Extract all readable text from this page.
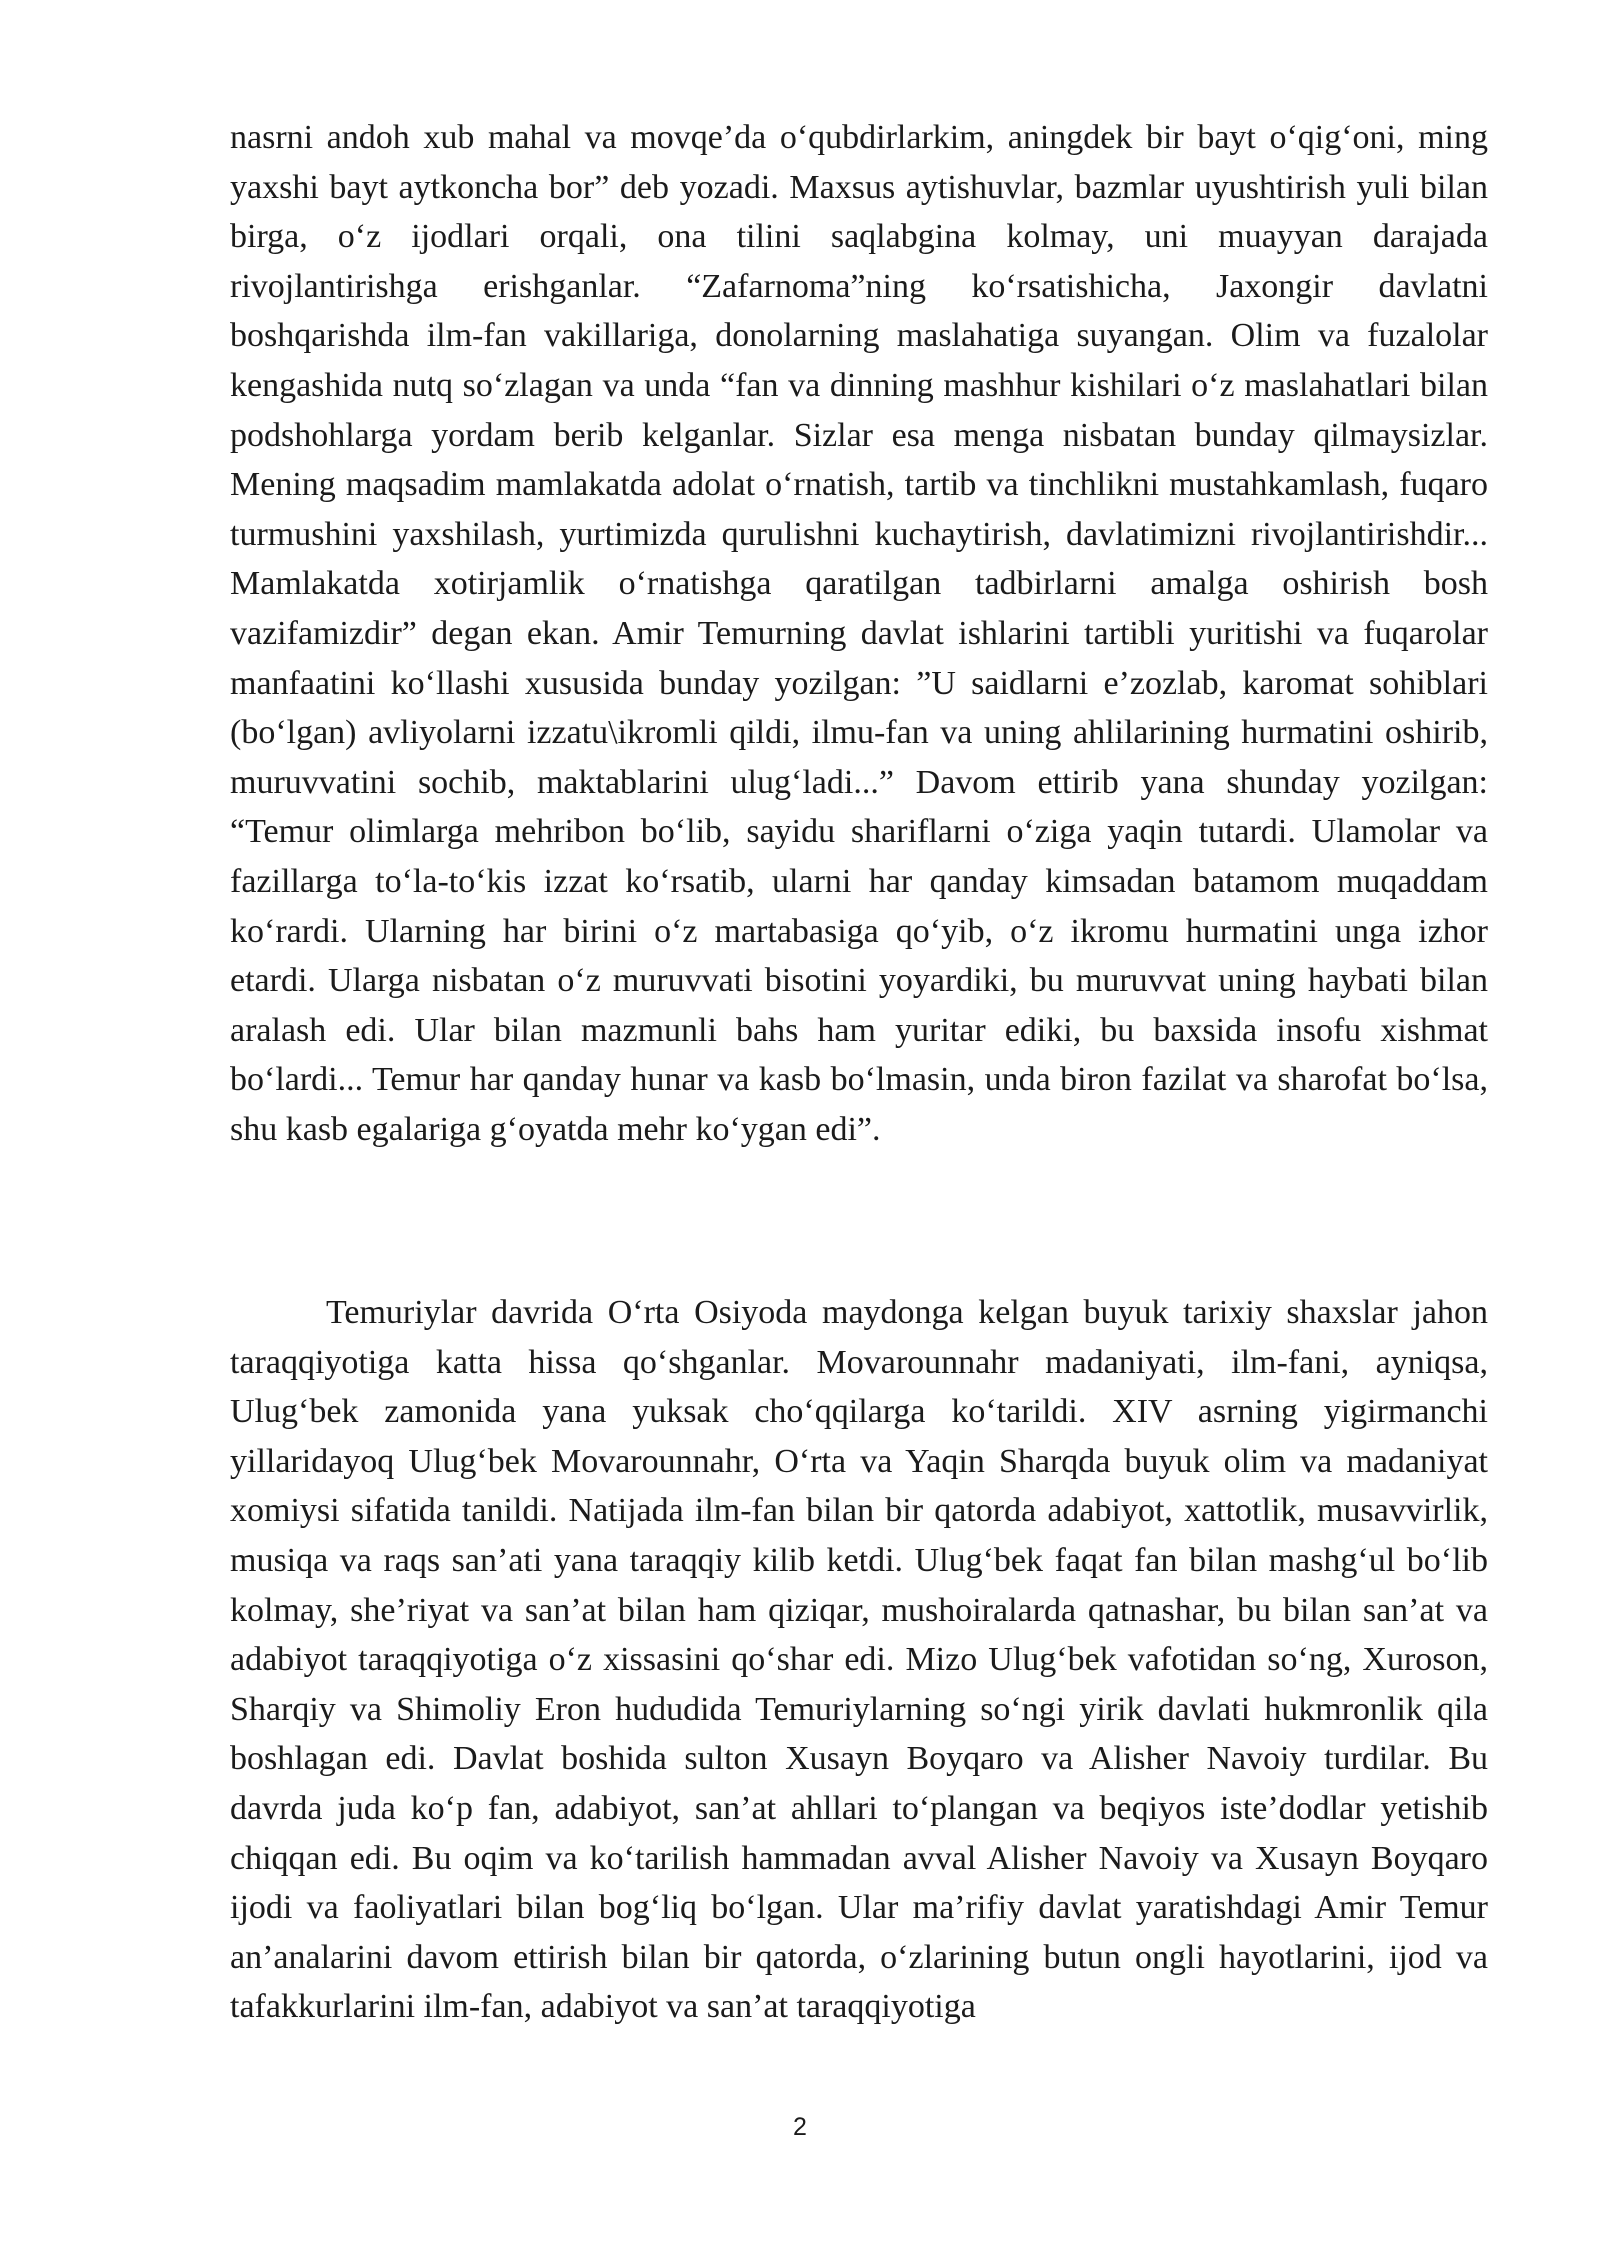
nasrni andoh xub mahal va movqe’da o‘qubdirlarkim, aningdek bir bayt o‘qig‘oni, ming yaxshi bayt aytkoncha bor” deb yozadi. Maxsus aytishuvlar, bazmlar uyushtirish yuli bilan birga, o‘z ijodlari orqali, ona tilini saqlabgina kolmay, uni muayyan darajada rivojlantirishga erishganlar. “Zafarnoma”ning ko‘rsatishicha, Jaxongir davlatni boshqarishda ilm-fan vakillariga, donolarning maslahatiga suyangan. Olim va fuzalolar kengashida nutq so‘zlagan va unda “fan va dinning mashhur kishilari o‘z maslahatlari bilan podshohlarga yordam berib kelganlar. Sizlar esa menga nisbatan bunday qilmaysizlar. Mening maqsadim mamlakatda adolat o‘rnatish, tartib va tinchlikni mustahkamlash, fuqaro turmushini yaxshilash, yurtimizda qurulishni kuchaytirish, davlatimizni rivojlantirishdir... Mamlakatda xotirjamlik o‘rnatishga qaratilgan tadbirlarni amalga oshirish bosh vazifamizdir” degan ekan. Amir Temurning davlat ishlarini tartibli yuritishi va fuqarolar manfaatini ko‘llashi xususida bunday yozilgan: ”U saidlarni e’zozlab, karomat sohiblari (bo‘lgan) avliyolarni izzatu\ikromli qildi, ilmu-fan va uning ahlilarining hurmatini oshirib, muruvvatini sochib, maktablarini ulug‘ladi...” Davom ettirib yana shunday yozilgan: “Temur olimlarga mehribon bo‘lib, sayidu shariflarni o‘ziga yaqin tutardi. Ulamolar va fazillarga to‘la-to‘kis izzat ko‘rsatib, ularni har qanday kimsadan batamom muqaddam ko‘rardi. Ularning har birini o‘z martabasiga qo‘yib, o‘z ikromu hurmatini unga izhor etardi. Ularga nisbatan o‘z muruvvati bisotini yoyardiki, bu muruvvat uning haybati bilan aralash edi. Ular bilan mazmunli bahs ham yuritar ediki, bu baxsida insofu xishmat bo‘lardi... Temur har qanday hunar va kasb bo‘lmasin, unda biron fazilat va sharofat bo‘lsa, shu kasb egalariga g‘oyatda mehr ko‘ygan edi”.

Temuriylar davrida O‘rta Osiyoda maydonga kelgan buyuk tarixiy shaxslar jahon taraqqiyotiga katta hissa qo‘shganlar. Movarounnahr madaniyati, ilm-fani, ayniqsa, Ulug‘bek zamonida yana yuksak cho‘qqilarga ko‘tarildi. XIV asrning yigirmanchi yillaridayoq Ulug‘bek Movarounnahr, O‘rta va Yaqin Sharqda buyuk olim va madaniyat xomiysi sifatida tanildi. Natijada ilm-fan bilan bir qatorda adabiyot, xattotlik, musavvirlik, musiqa va raqs san’ati yana taraqqiy kilib ketdi. Ulug‘bek faqat fan bilan mashg‘ul bo‘lib kolmay, she’riyat va san’at bilan ham qiziqar, mushoiralarda qatnashar, bu bilan san’at va adabiyot taraqqiyotiga o‘z xissasini qo‘shar edi. Mizo Ulug‘bek vafotidan so‘ng, Xuroson, Sharqiy va Shimoliy Eron hududida Temuriylarning so‘ngi yirik davlati hukmronlik qila boshlagan edi. Davlat boshida sulton Xusayn Boyqaro va Alisher Navoiy turdilar. Bu davrda juda ko‘p fan, adabiyot, san’at ahllari to‘plangan va beqiyos iste’dodlar yetishib chiqqan edi. Bu oqim va ko‘tarilish hammadan avval Alisher Navoiy va Xusayn Boyqaro ijodi va faoliyatlari bilan bog‘liq bo‘lgan. Ular ma’rifiy davlat yaratishdagi Amir Temur an’analarini davom ettirish bilan bir qatorda, o‘zlarining butun ongli hayotlarini, ijod va tafakkurlarini ilm-fan, adabiyot va san’at taraqqiyotiga

2
